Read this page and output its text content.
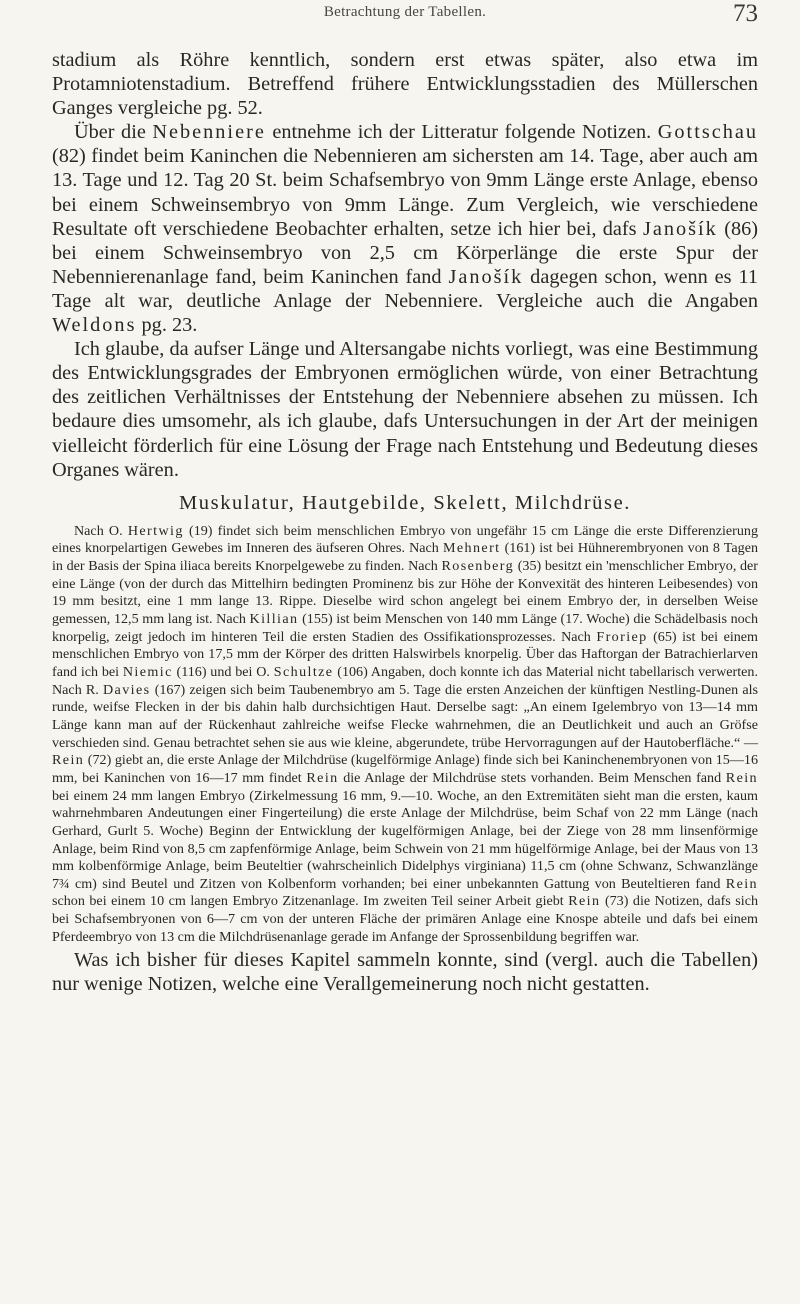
Betrachtung der Tabellen.	73

stadium als Röhre kenntlich, sondern erst etwas später, also etwa im Protamniotenstadium. Betreffend frühere Entwicklungsstadien des Müllerschen Ganges vergleiche pg. 52.

Über die Nebenniere entnehme ich der Litteratur folgende Notizen. Gottschau (82) findet beim Kaninchen die Nebennieren am sichersten am 14. Tage, aber auch am 13. Tage und 12. Tag 20 St. beim Schafsembryo von 9mm Länge erste Anlage, ebenso bei einem Schweinsembryo von 9mm Länge. Zum Vergleich, wie verschiedene Resultate oft verschiedene Beobachter erhalten, setze ich hier bei, dafs Janošík (86) bei einem Schweinsembryo von 2,5 cm Körperlänge die erste Spur der Nebennierenanlage fand, beim Kaninchen fand Janošík dagegen schon, wenn es 11 Tage alt war, deutliche Anlage der Nebenniere. Vergleiche auch die Angaben Weldons pg. 23.

Ich glaube, da aufser Länge und Altersangabe nichts vorliegt, was eine Bestimmung des Entwicklungsgrades der Embryonen ermöglichen würde, von einer Betrachtung des zeitlichen Verhältnisses der Entstehung der Nebenniere absehen zu müssen. Ich bedaure dies umsomehr, als ich glaube, dafs Untersuchungen in der Art der meinigen vielleicht förderlich für eine Lösung der Frage nach Entstehung und Bedeutung dieses Organes wären.

Muskulatur, Hautgebilde, Skelett, Milchdrüse.

Nach O. Hertwig (19) findet sich beim menschlichen Embryo von ungefähr 15 cm Länge die erste Differenzierung eines knorpelartigen Gewebes im Inneren des äufseren Ohres. Nach Mehnert (161) ist bei Hühnerembryonen von 8 Tagen in der Basis der Spina iliaca bereits Knorpelgewebe zu finden. Nach Rosenberg (35) besitzt ein 'menschlicher Embryo, der eine Länge (von der durch das Mittelhirn bedingten Prominenz bis zur Höhe der Konvexität des hinteren Leibesendes) von 19 mm besitzt, eine 1 mm lange 13. Rippe. Dieselbe wird schon angelegt bei einem Embryo der, in derselben Weise gemessen, 12,5 mm lang ist. Nach Killian (155) ist beim Menschen von 140 mm Länge (17. Woche) die Schädelbasis noch knorpelig, zeigt jedoch im hinteren Teil die ersten Stadien des Ossifikationsprozesses. Nach Froriep (65) ist bei einem menschlichen Embryo von 17,5 mm der Körper des dritten Halswirbels knorpelig. Über das Haftorgan der Batrachierlarven fand ich bei Niemic (116) und bei O. Schultze (106) Angaben, doch konnte ich das Material nicht tabellarisch verwerten. Nach R. Davies (167) zeigen sich beim Taubenembryo am 5. Tage die ersten Anzeichen der künftigen Nestling-Dunen als runde, weifse Flecken in der bis dahin halb durchsichtigen Haut. Derselbe sagt: „An einem Igelembryo von 13—14 mm Länge kann man auf der Rückenhaut zahlreiche weifse Flecke wahrnehmen, die an Deutlichkeit und auch an Gröfse verschieden sind. Genau betrachtet sehen sie aus wie kleine, abgerundete, trübe Hervorragungen auf der Hautoberfläche.“ — Rein (72) giebt an, die erste Anlage der Milchdrüse (kugelförmige Anlage) finde sich bei Kaninchenembryonen von 15—16 mm, bei Kaninchen von 16—17 mm findet Rein die Anlage der Milchdrüse stets vorhanden. Beim Menschen fand Rein bei einem 24 mm langen Embryo (Zirkelmessung 16 mm, 9.—10. Woche, an den Extremitäten sieht man die ersten, kaum wahrnehmbaren Andeutungen einer Fingerteilung) die erste Anlage der Milchdrüse, beim Schaf von 22 mm Länge (nach Gerhard, Gurlt 5. Woche) Beginn der Entwicklung der kugelförmigen Anlage, bei der Ziege von 28 mm linsenförmige Anlage, beim Rind von 8,5 cm zapfenförmige Anlage, beim Schwein von 21 mm hügelförmige Anlage, bei der Maus von 13 mm kolbenförmige Anlage, beim Beuteltier (wahrscheinlich Didelphys virginiana) 11,5 cm (ohne Schwanz, Schwanzlänge 7¾ cm) sind Beutel und Zitzen von Kolbenform vorhanden; bei einer unbekannten Gattung von Beuteltieren fand Rein schon bei einem 10 cm langen Embryo Zitzenanlage. Im zweiten Teil seiner Arbeit giebt Rein (73) die Notizen, dafs sich bei Schafsembryonen von 6—7 cm von der unteren Fläche der primären Anlage eine Knospe abteile und dafs bei einem Pferdeembryo von 13 cm die Milchdrüsenanlage gerade im Anfange der Sprossenbildung begriffen war.

Was ich bisher für dieses Kapitel sammeln konnte, sind (vergl. auch die Tabellen) nur wenige Notizen, welche eine Verallgemeinerung noch nicht gestatten.
